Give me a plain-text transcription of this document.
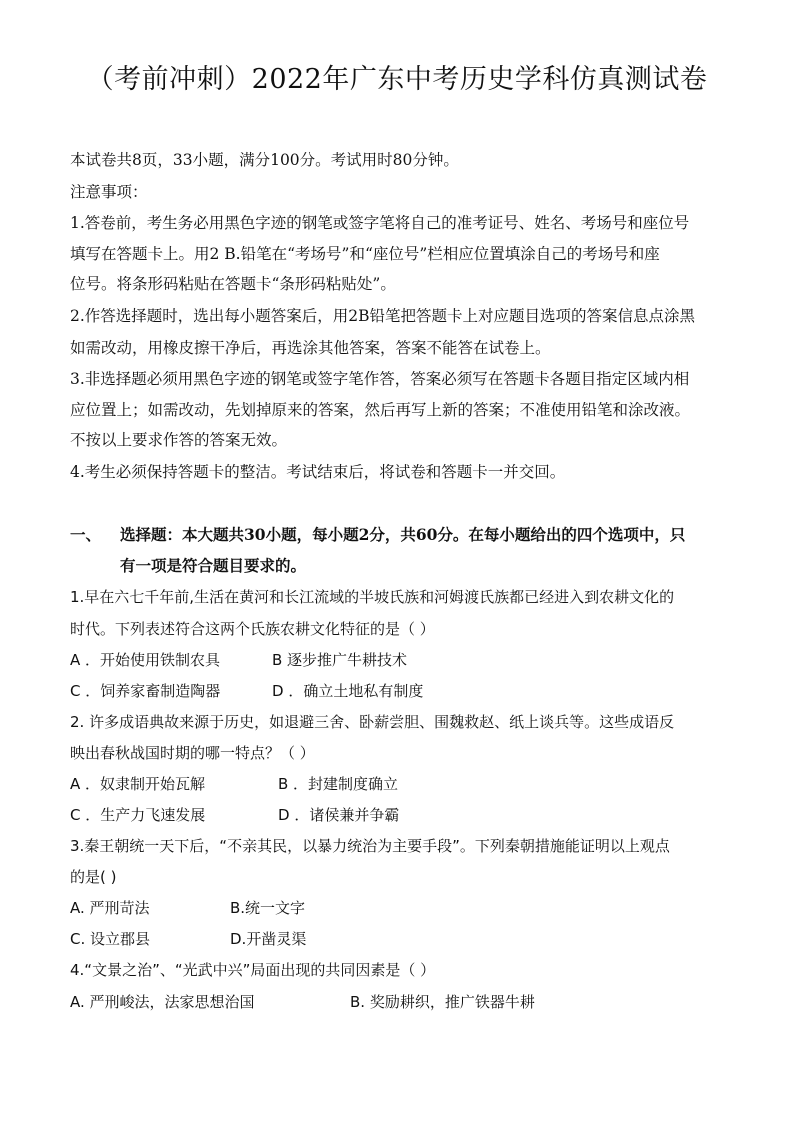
（考前冲刺）2022年广东中考历史学科仿真测试卷
本试卷共8页，33小题，满分100分。考试用时80分钟。
注意事项：
1.答卷前，考生务必用黑色字迹的钢笔或签字笔将自己的准考证号、姓名、考场号和座位号
填写在答题卡上。用2 B.铅笔在“考场号”和“座位号”栏相应位置填涂自己的考场号和座
位号。将条形码粘贴在答题卡“条形码粘贴处”。
2.作答选择题时，选出每小题答案后，用2B铅笔把答题卡上对应题目选项的答案信息点涂黑
如需改动，用橡皮擦干净后，再选涂其他答案，答案不能答在试卷上。
3.非选择题必须用黑色字迹的钢笔或签字笔作答，答案必须写在答题卡各题目指定区域内相
应位置上；如需改动，先划掉原来的答案，然后再写上新的答案；不准使用铅笔和涂改液。
不按以上要求作答的答案无效。
4.考生必须保持答题卡的整洁。考试结束后，将试卷和答题卡一并交回。
一、 选择题：本大题共30小题，每小题2分，共60分。在每小题给出的四个选项中，只
有一项是符合题目要求的。
1.早在六七千年前,生活在黄河和长江流域的半坡氏族和河姆渡氏族都已经进入到农耕文化的
时代。下列表述符合这两个氏族农耕文化特征的是（ ）
A ．开始使用铁制农具	B 逐步推广牛耕技术
C ．饲养家畜制造陶器	D ．确立土地私有制度
2. 许多成语典故来源于历史，如退避三舍、卧薪尝胆、围魏救赵、纸上谈兵等。这些成语反
映出春秋战国时期的哪一特点？（ ）
A ．奴隶制开始瓦解	B ．封建制度确立
C ．生产力飞速发展	D ．诸侯兼并争霸
3.秦王朝统一天下后，“不亲其民，以暴力统治为主要手段”。下列秦朝措施能证明以上观点
的是( )
A. 严刑苛法	B.统一文字
C. 设立郡县	D.开凿灵渠
4.“文景之治”、“光武中兴”局面出现的共同因素是（ ）
A. 严刑峻法，法家思想治国	B. 奖励耕织，推广铁器牛耕
